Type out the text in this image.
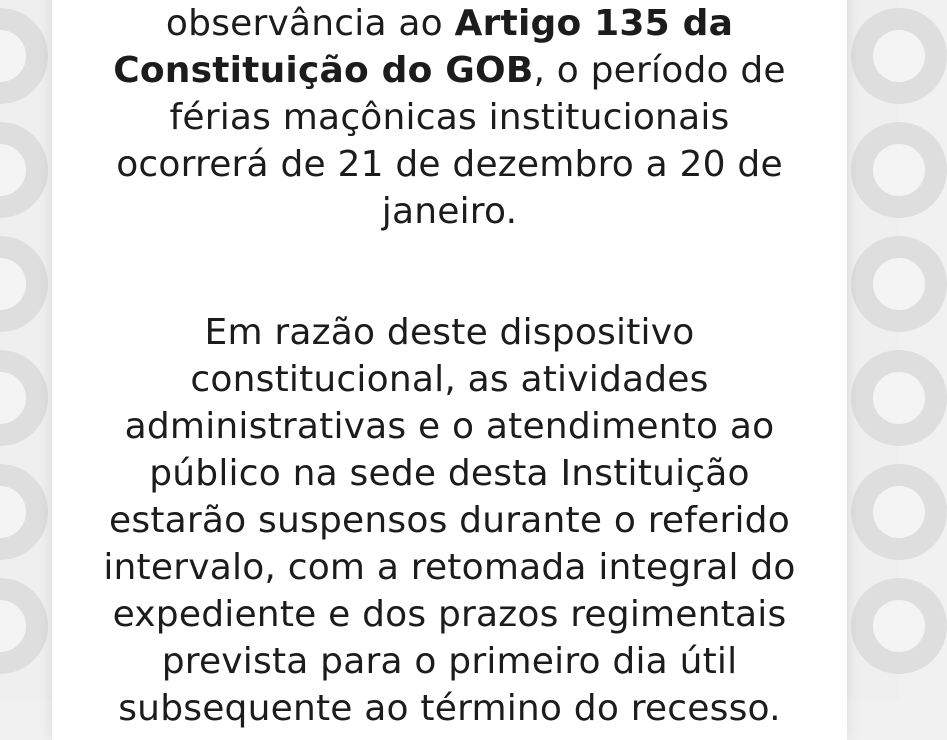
observância ao Artigo 135 da
Constituição do GOB, o período de
férias maçônicas institucionais
ocorrerá de 21 de dezembro a 20 de
janeiro.
Em razão deste dispositivo
constitucional, as atividades
administrativas e o atendimento ao
público na sede desta Instituição
estarão suspensos durante o referido
intervalo, com a retomada integral do
expediente e dos prazos regimentais
prevista para o primeiro dia útil
subsequente ao término do recesso.
